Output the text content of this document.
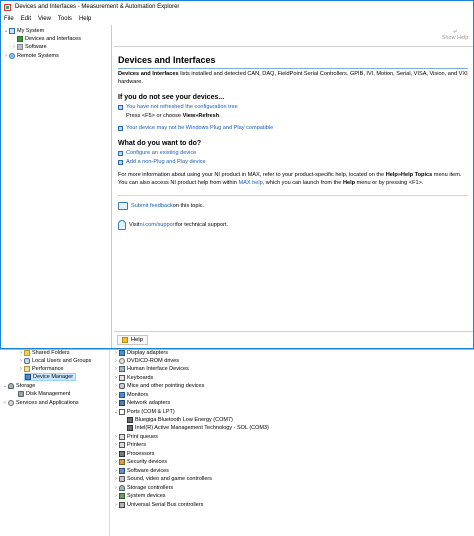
Devices and Interfaces - Measurement & Automation Explorer
File Edit View Tools Help
⌄ My System
Devices and Interfaces
›	Software
›	Remote Systems
⤶
Show Help
Devices and Interfaces
Devices and Interfaces lists installed and detected CAN, DAQ, FieldPoint Serial Controllers, GPIB, IVI, Motion, Serial, VISA, Vision, and VXI hardware.
If you do not see your devices...
You have not refreshed the configuration tree
Press <F5> or choose View»Refresh.
Your device may not be Windows Plug and Play compatible
What do you want to do?
Configure an existing device
Add a non-Plug and Play device
For more information about using your NI product in MAX, refer to your product-specific help, located on the Help»Help Topics menu item. You can also access NI product help from within MAX help, which you can launch from the Help menu or by pressing <F1>.
Submit feedback on this topic.
Visit ni.com/support for technical support.
Help
›	Shared Folders
›	Local Users and Groups
›	Performance
Device Manager
⌄ Storage
Disk Management
›	Services and Applications
›	Display adapters
›	DVD/CD-ROM drives
›	Human Interface Devices
›	Keyboards
›	Mice and other pointing devices
›	Monitors
›	Network adapters
⌄ Ports (COM & LPT)
Bluegiga Bluetooth Low Energy (COM7)
Intel(R) Active Management Technology - SOL (COM3)
›	Print queues
›	Printers
›	Processors
›	Security devices
›	Software devices
›	Sound, video and game controllers
›	Storage controllers
›	System devices
›	Universal Serial Bus controllers
